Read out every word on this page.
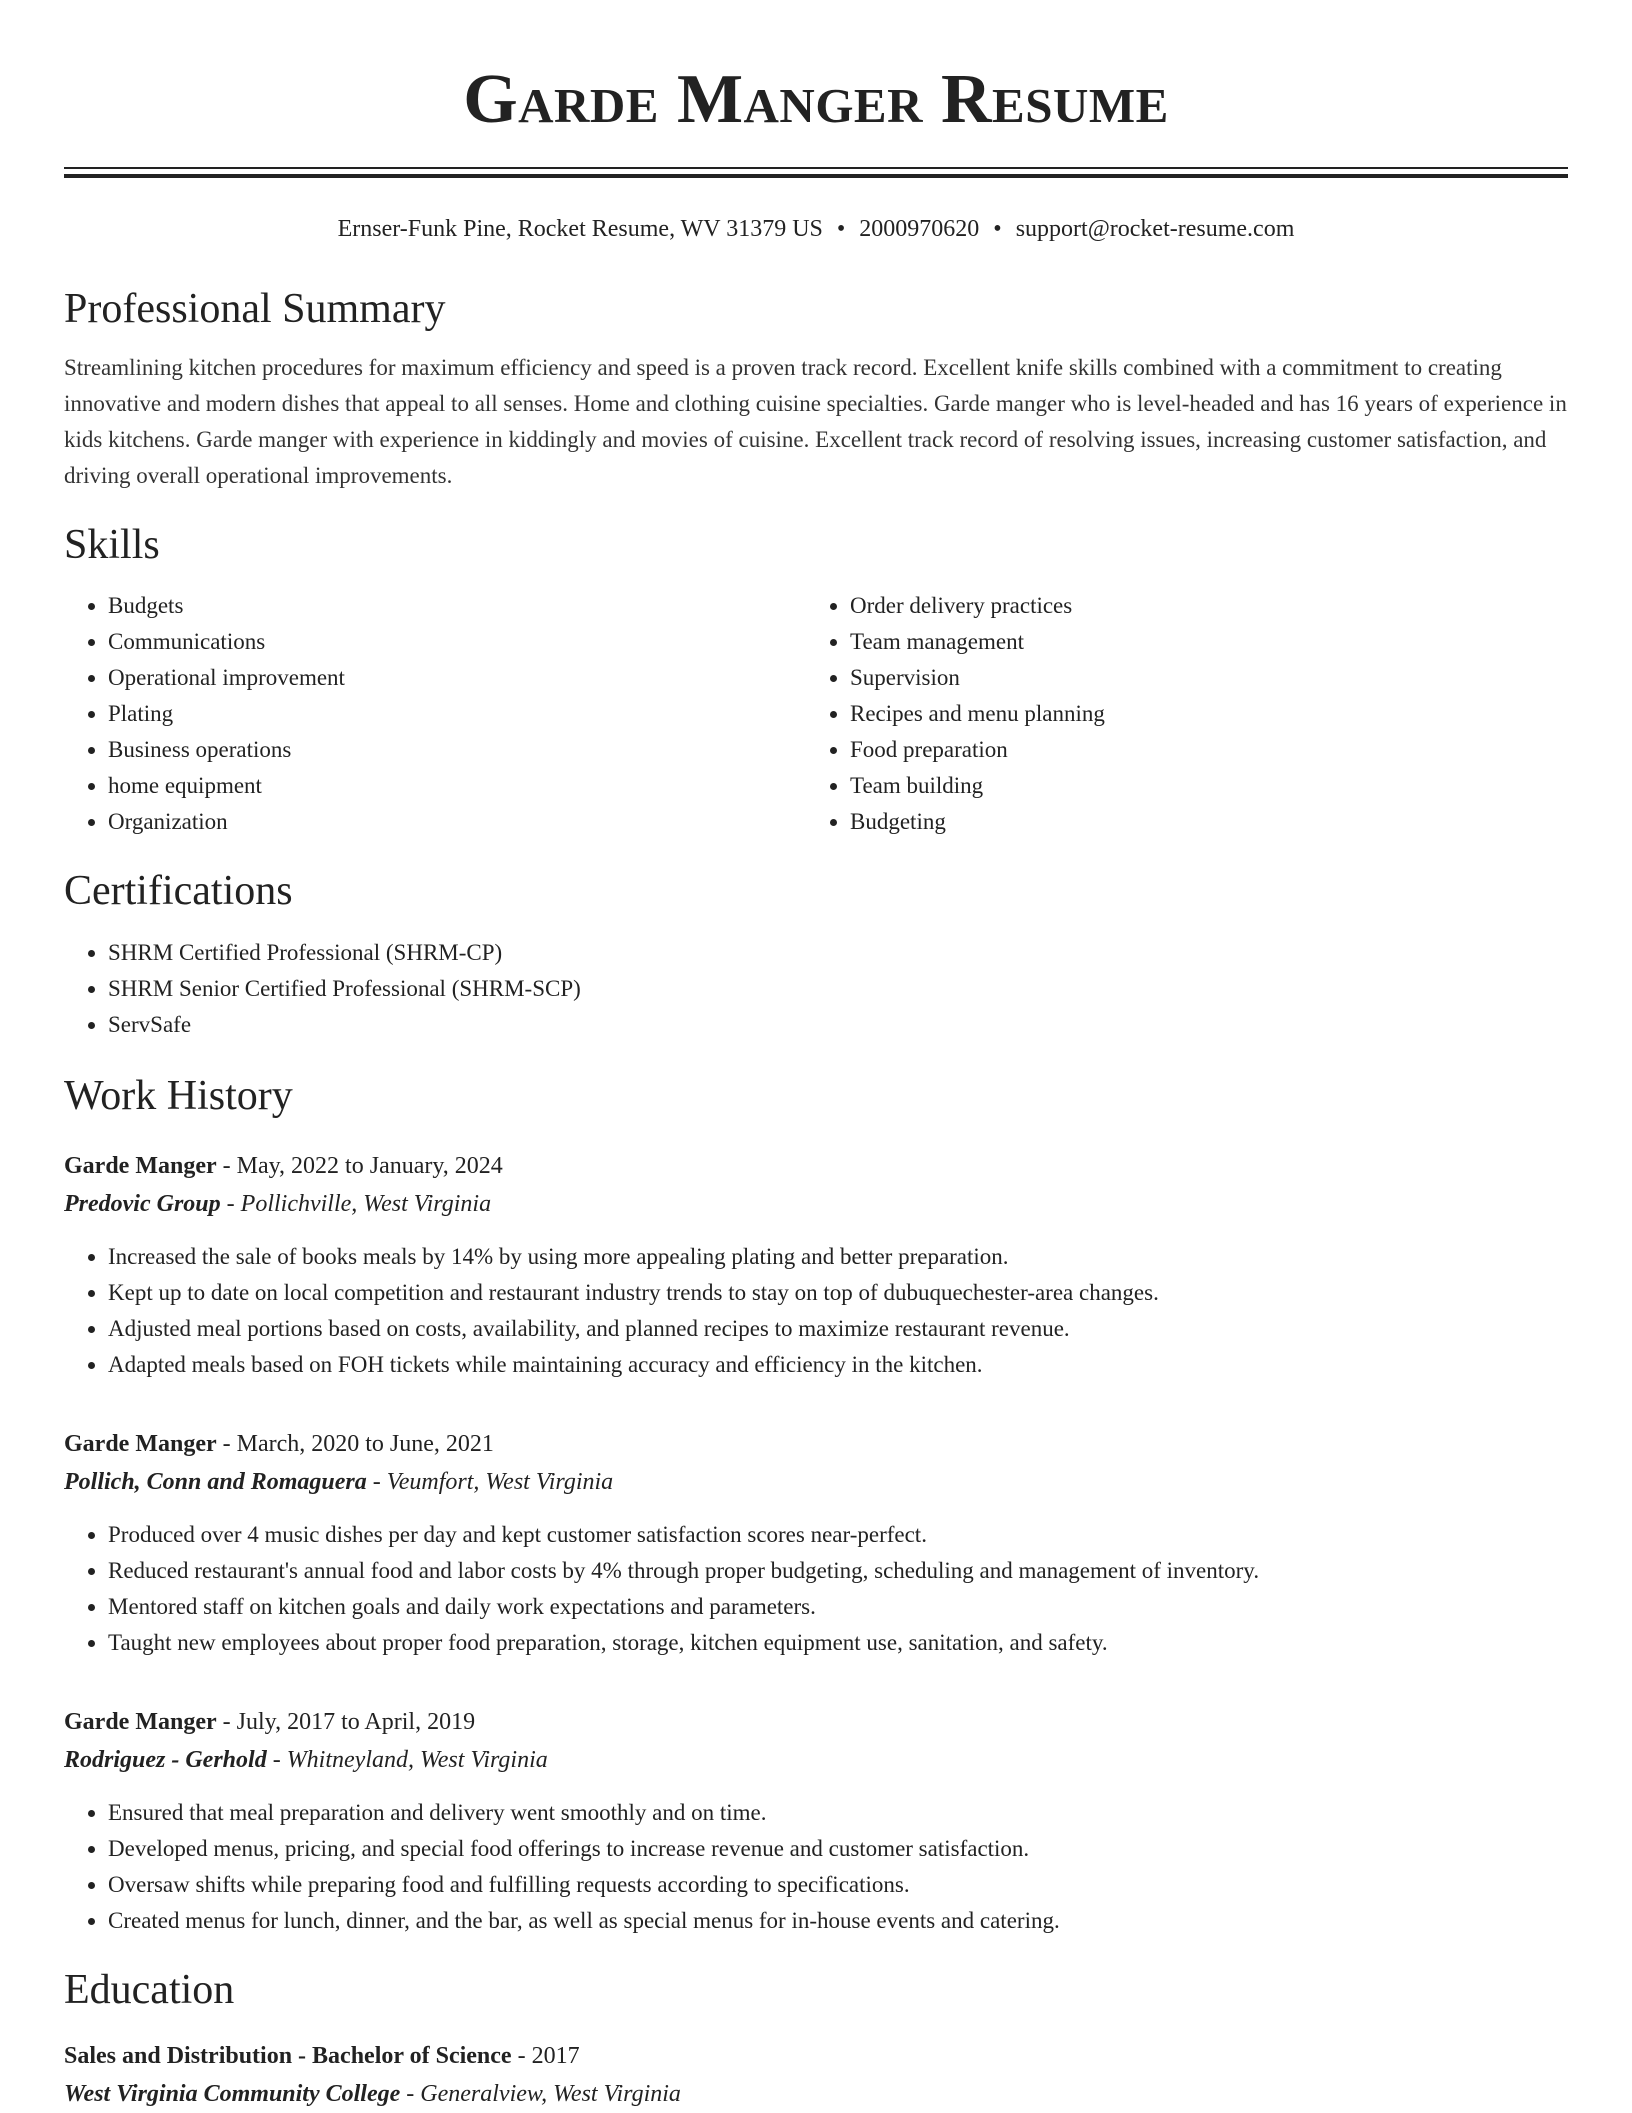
Garde Manger Resume
Ernser-Funk Pine, Rocket Resume, WV 31379 US • 2000970620 • support@rocket-resume.com
Professional Summary

Streamlining kitchen procedures for maximum efficiency and speed is a proven track record. Excellent knife skills combined with a commitment to creating innovative and modern dishes that appeal to all senses. Home and clothing cuisine specialties. Garde manger who is level-headed and has 16 years of experience in kids kitchens. Garde manger with experience in kiddingly and movies of cuisine. Excellent track record of resolving issues, increasing customer satisfaction, and driving overall operational improvements.

Skills
• Budgets
• Communications
• Operational improvement
• Plating
• Business operations
• home equipment
• Organization
• Order delivery practices
• Team management
• Supervision
• Recipes and menu planning
• Food preparation
• Team building
• Budgeting
Certifications
• SHRM Certified Professional (SHRM-CP)
• SHRM Senior Certified Professional (SHRM-SCP)
• ServSafe
Work History
Garde Manger - May, 2022 to January, 2024
Predovic Group - Pollichville, West Virginia
• Increased the sale of books meals by 14% by using more appealing plating and better preparation.
• Kept up to date on local competition and restaurant industry trends to stay on top of dubuquechester-area changes.
• Adjusted meal portions based on costs, availability, and planned recipes to maximize restaurant revenue.
• Adapted meals based on FOH tickets while maintaining accuracy and efficiency in the kitchen.
Garde Manger - March, 2020 to June, 2021
Pollich, Conn and Romaguera - Veumfort, West Virginia
• Produced over 4 music dishes per day and kept customer satisfaction scores near-perfect.
• Reduced restaurant's annual food and labor costs by 4% through proper budgeting, scheduling and management of inventory.
• Mentored staff on kitchen goals and daily work expectations and parameters.
• Taught new employees about proper food preparation, storage, kitchen equipment use, sanitation, and safety.
Garde Manger - July, 2017 to April, 2019
Rodriguez - Gerhold - Whitneyland, West Virginia
• Ensured that meal preparation and delivery went smoothly and on time.
• Developed menus, pricing, and special food offerings to increase revenue and customer satisfaction.
• Oversaw shifts while preparing food and fulfilling requests according to specifications.
• Created menus for lunch, dinner, and the bar, as well as special menus for in-house events and catering.
Education
Sales and Distribution - Bachelor of Science - 2017
West Virginia Community College - Generalview, West Virginia
